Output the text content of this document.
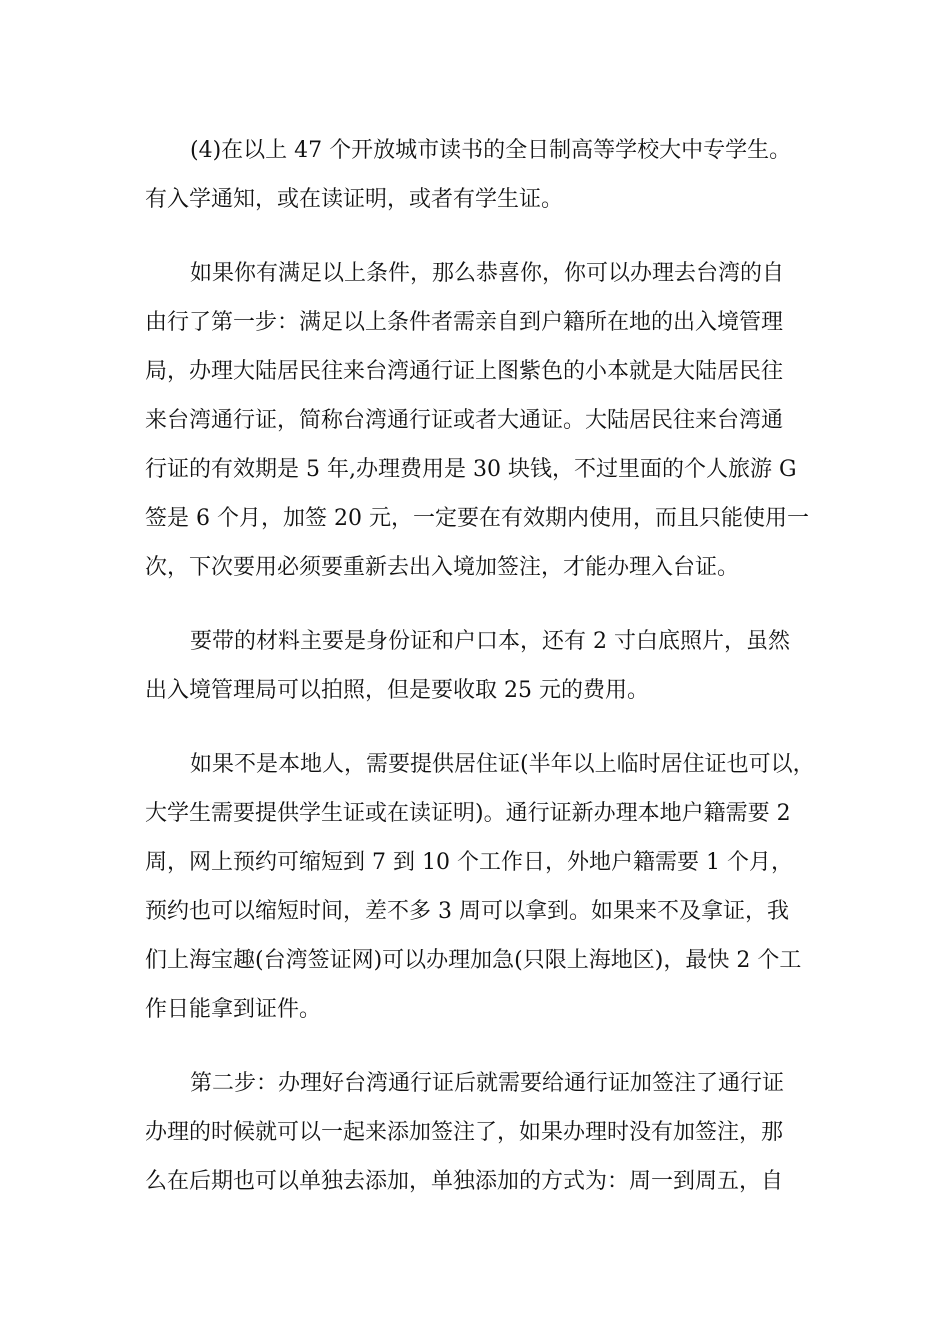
(4)在以上 47 个开放城市读书的全日制高等学校大中专学生。
有入学通知，或在读证明，或者有学生证。
如果你有满足以上条件，那么恭喜你，你可以办理去台湾的自
由行了第一步：满足以上条件者需亲自到户籍所在地的出入境管理
局，办理大陆居民往来台湾通行证上图紫色的小本就是大陆居民往
来台湾通行证，简称台湾通行证或者大通证。大陆居民往来台湾通
行证的有效期是 5 年,办理费用是 30 块钱，不过里面的个人旅游 G
签是 6 个月，加签 20 元，一定要在有效期内使用，而且只能使用一
次，下次要用必须要重新去出入境加签注，才能办理入台证。
要带的材料主要是身份证和户口本，还有 2 寸白底照片，虽然
出入境管理局可以拍照，但是要收取 25 元的费用。
如果不是本地人，需要提供居住证(半年以上临时居住证也可以，
大学生需要提供学生证或在读证明)。通行证新办理本地户籍需要 2
周，网上预约可缩短到 7 到 10 个工作日，外地户籍需要 1 个月，
预约也可以缩短时间，差不多 3 周可以拿到。如果来不及拿证，我
们上海宝趣(台湾签证网)可以办理加急(只限上海地区)，最快 2 个工
作日能拿到证件。
第二步：办理好台湾通行证后就需要给通行证加签注了通行证
办理的时候就可以一起来添加签注了，如果办理时没有加签注，那
么在后期也可以单独去添加，单独添加的方式为：周一到周五，自
